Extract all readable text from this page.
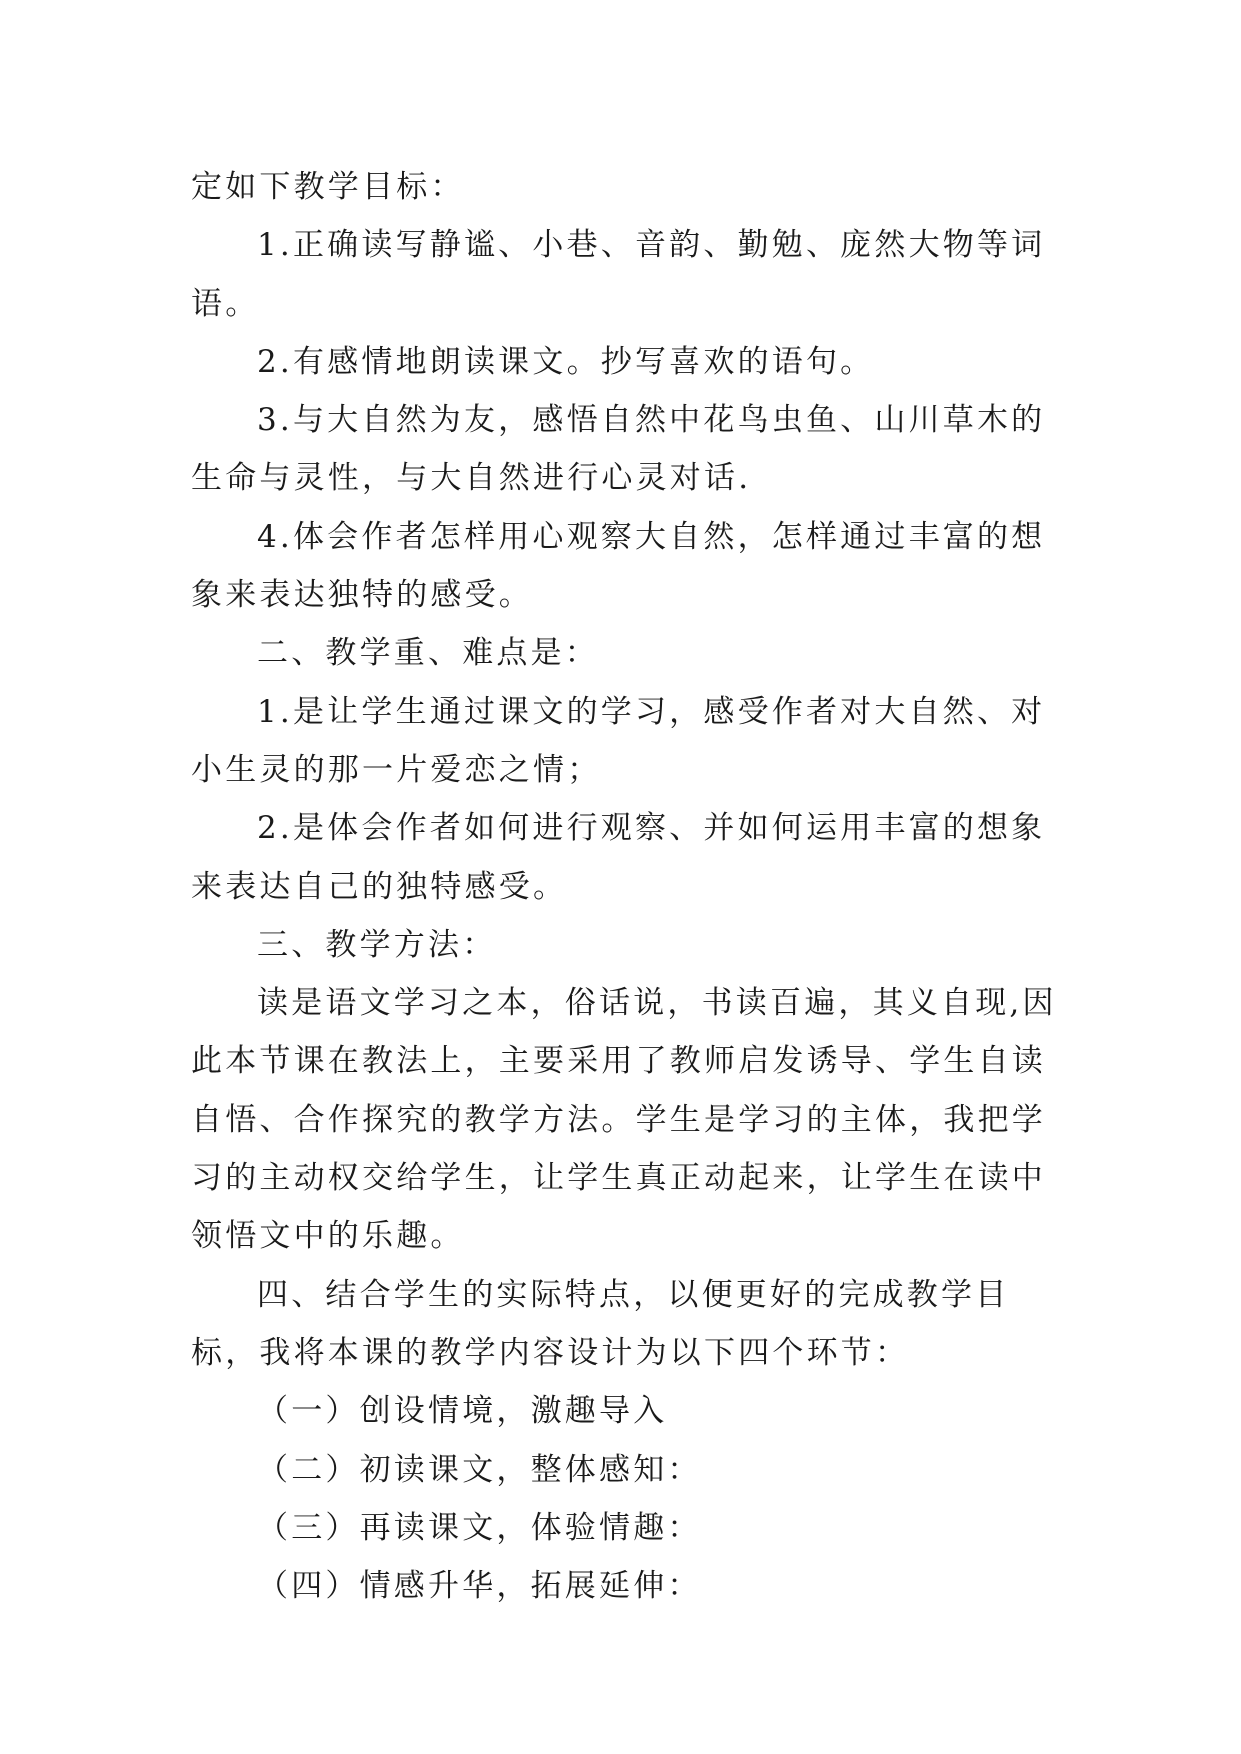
定如下教学目标：

1.正确读写静谧、小巷、音韵、勤勉、庞然大物等词语。

2.有感情地朗读课文。抄写喜欢的语句。

3.与大自然为友，感悟自然中花鸟虫鱼、山川草木的生命与灵性，与大自然进行心灵对话.

4.体会作者怎样用心观察大自然，怎样通过丰富的想象来表达独特的感受。

二、教学重、难点是：

1.是让学生通过课文的学习，感受作者对大自然、对小生灵的那一片爱恋之情；

2.是体会作者如何进行观察、并如何运用丰富的想象来表达自己的独特感受。

三、教学方法：

读是语文学习之本，俗话说，书读百遍，其义自现,因此本节课在教法上，主要采用了教师启发诱导、学生自读自悟、合作探究的教学方法。学生是学习的主体，我把学习的主动权交给学生，让学生真正动起来，让学生在读中领悟文中的乐趣。

四、结合学生的实际特点，以便更好的完成教学目标，我将本课的教学内容设计为以下四个环节：

（一）创设情境，激趣导入

（二）初读课文，整体感知：

（三）再读课文，体验情趣：

（四）情感升华，拓展延伸：
